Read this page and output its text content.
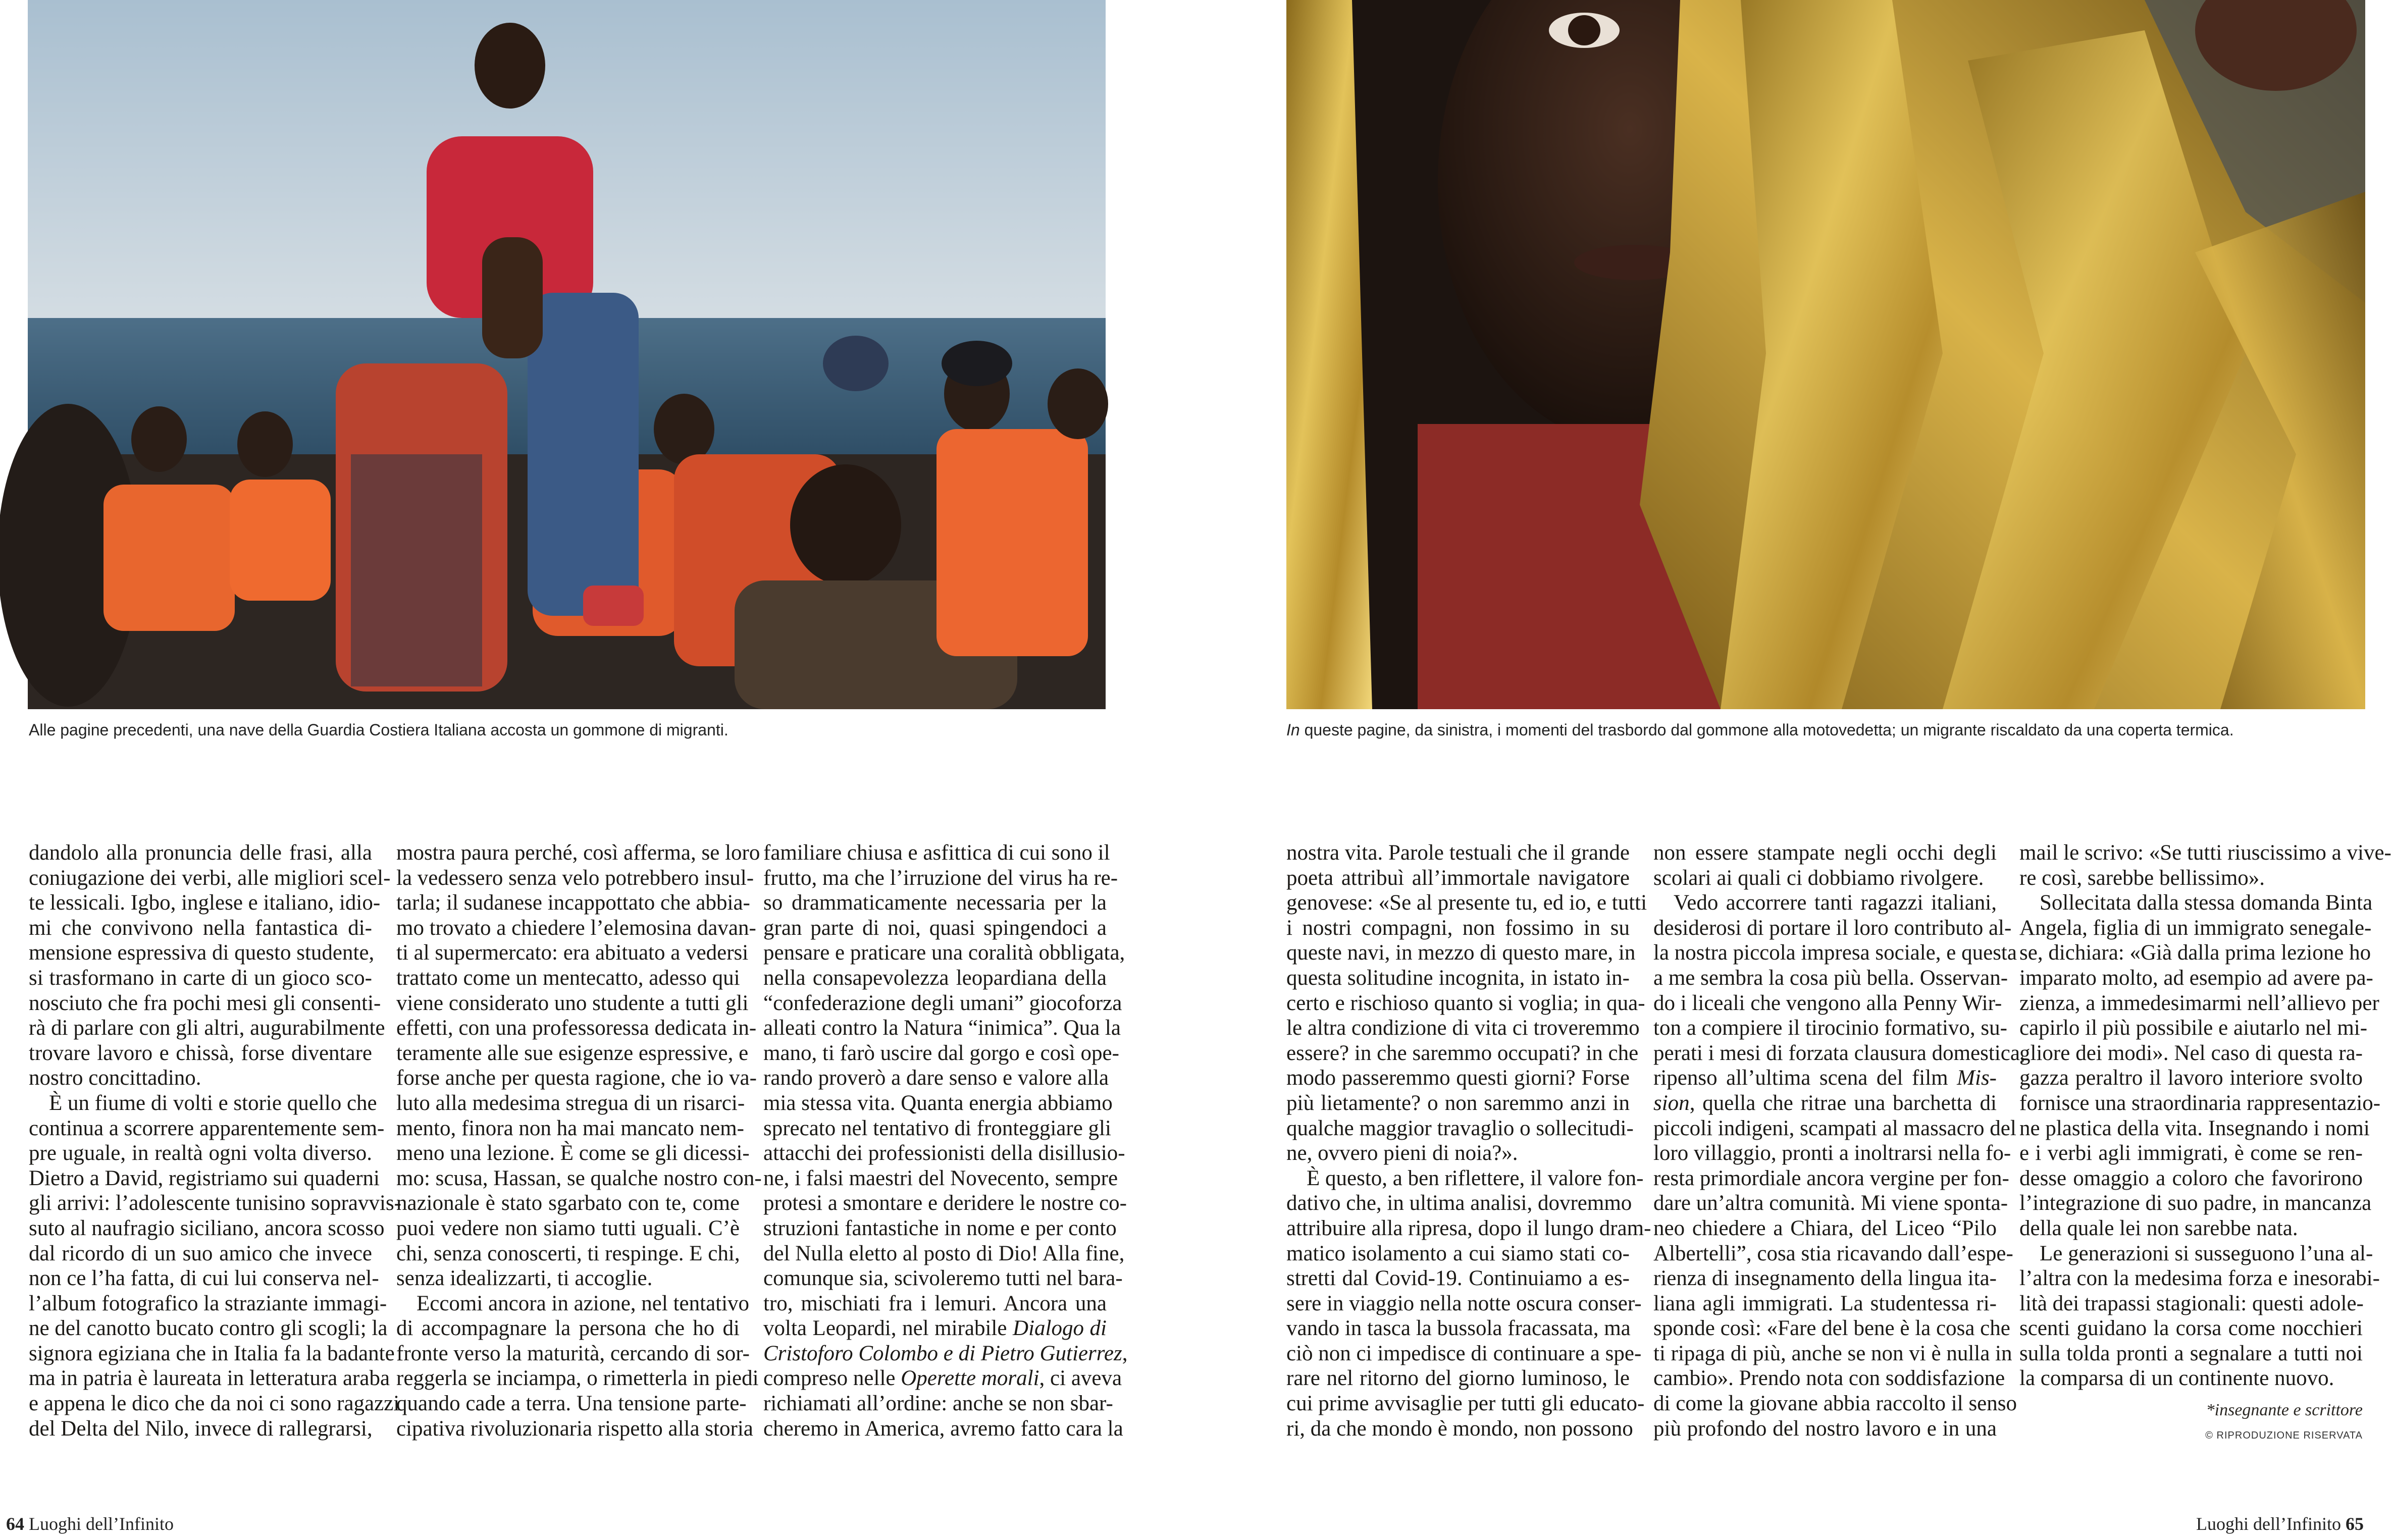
Alle pagine precedenti, una nave della Guardia Costiera Italiana accosta un gommone di migranti.	In queste pagine, da sinistra, i momenti del trasbordo dal gommone alla motovedetta; un migrante riscaldato da una coperta termica.
dandolo alla pronuncia delle frasi, alla
coniugazione dei verbi, alle migliori scel-
te lessicali. Igbo, inglese e italiano, idio-
mi che convivono nella fantastica di-
mensione espressiva di questo studente,
si trasformano in carte di un gioco sco-
nosciuto che fra pochi mesi gli consenti-
rà di parlare con gli altri, augurabilmente
trovare lavoro e chissà, forse diventare
nostro concittadino.
È un fiume di volti e storie quello che
continua a scorrere apparentemente sem-
pre uguale, in realtà ogni volta diverso.
Dietro a David, registriamo sui quaderni
gli arrivi: l’adolescente tunisino sopravvis-
suto al naufragio siciliano, ancora scosso
dal ricordo di un suo amico che invece
non ce l’ha fatta, di cui lui conserva nel-
l’album fotografico la straziante immagi-
ne del canotto bucato contro gli scogli; la
signora egiziana che in Italia fa la badante
ma in patria è laureata in letteratura araba
e appena le dico che da noi ci sono ragazzi
del Delta del Nilo, invece di rallegrarsi,
mostra paura perché, così afferma, se loro
la vedessero senza velo potrebbero insul-
tarla; il sudanese incappottato che abbia-
mo trovato a chiedere l’elemosina davan-
ti al supermercato: era abituato a vedersi
trattato come un mentecatto, adesso qui
viene considerato uno studente a tutti gli
effetti, con una professoressa dedicata in-
teramente alle sue esigenze espressive, e
forse anche per questa ragione, che io va-
luto alla medesima stregua di un risarci-
mento, finora non ha mai mancato nem-
meno una lezione. È come se gli dicessi-
mo: scusa, Hassan, se qualche nostro con-
nazionale è stato sgarbato con te, come
puoi vedere non siamo tutti uguali. C’è
chi, senza conoscerti, ti respinge. E chi,
senza idealizzarti, ti accoglie.
Eccomi ancora in azione, nel tentativo
di accompagnare la persona che ho di
fronte verso la maturità, cercando di sor-
reggerla se inciampa, o rimetterla in piedi
quando cade a terra. Una tensione parte-
cipativa rivoluzionaria rispetto alla storia
familiare chiusa e asfittica di cui sono il
frutto, ma che l’irruzione del virus ha re-
so drammaticamente necessaria per la
gran parte di noi, quasi spingendoci a
pensare e praticare una coralità obbligata,
nella consapevolezza leopardiana della
“confederazione degli umani” giocoforza
alleati contro la Natura “inimica”. Qua la
mano, ti farò uscire dal gorgo e così ope-
rando proverò a dare senso e valore alla
mia stessa vita. Quanta energia abbiamo
sprecato nel tentativo di fronteggiare gli
attacchi dei professionisti della disillusio-
ne, i falsi maestri del Novecento, sempre
protesi a smontare e deridere le nostre co-
struzioni fantastiche in nome e per conto
del Nulla eletto al posto di Dio! Alla fine,
comunque sia, scivoleremo tutti nel bara-
tro, mischiati fra i lemuri. Ancora una
volta Leopardi, nel mirabile Dialogo di
Cristoforo Colombo e di Pietro Gutierrez,
compreso nelle Operette morali, ci aveva
richiamati all’ordine: anche se non sbar-
cheremo in America, avremo fatto cara la
nostra vita. Parole testuali che il grande
poeta attribuì all’immortale navigatore
genovese: «Se al presente tu, ed io, e tutti
i nostri compagni, non fossimo in su
queste navi, in mezzo di questo mare, in
questa solitudine incognita, in istato in-
certo e rischioso quanto si voglia; in qua-
le altra condizione di vita ci troveremmo
essere? in che saremmo occupati? in che
modo passeremmo questi giorni? Forse
più lietamente? o non saremmo anzi in
qualche maggior travaglio o sollecitudi-
ne, ovvero pieni di noia?».
È questo, a ben riflettere, il valore fon-
dativo che, in ultima analisi, dovremmo
attribuire alla ripresa, dopo il lungo dram-
matico isolamento a cui siamo stati co-
stretti dal Covid-19. Continuiamo a es-
sere in viaggio nella notte oscura conser-
vando in tasca la bussola fracassata, ma
ciò non ci impedisce di continuare a spe-
rare nel ritorno del giorno luminoso, le
cui prime avvisaglie per tutti gli educato-
ri, da che mondo è mondo, non possono
non essere stampate negli occhi degli
scolari ai quali ci dobbiamo rivolgere.
Vedo accorrere tanti ragazzi italiani,
desiderosi di portare il loro contributo al-
la nostra piccola impresa sociale, e questa
a me sembra la cosa più bella. Osservan-
do i liceali che vengono alla Penny Wir-
ton a compiere il tirocinio formativo, su-
perati i mesi di forzata clausura domestica,
ripenso all’ultima scena del film Mis-
sion, quella che ritrae una barchetta di
piccoli indigeni, scampati al massacro del
loro villaggio, pronti a inoltrarsi nella fo-
resta primordiale ancora vergine per fon-
dare un’altra comunità. Mi viene sponta-
neo chiedere a Chiara, del Liceo “Pilo
Albertelli”, cosa stia ricavando dall’espe-
rienza di insegnamento della lingua ita-
liana agli immigrati. La studentessa ri-
sponde così: «Fare del bene è la cosa che
ti ripaga di più, anche se non vi è nulla in
cambio». Prendo nota con soddisfazione
di come la giovane abbia raccolto il senso
più profondo del nostro lavoro e in una
mail le scrivo: «Se tutti riuscissimo a vive-
re così, sarebbe bellissimo».
Sollecitata dalla stessa domanda Binta
Angela, figlia di un immigrato senegale-
se, dichiara: «Già dalla prima lezione ho
imparato molto, ad esempio ad avere pa-
zienza, a immedesimarmi nell’allievo per
capirlo il più possibile e aiutarlo nel mi-
gliore dei modi». Nel caso di questa ra-
gazza peraltro il lavoro interiore svolto
fornisce una straordinaria rappresentazio-
ne plastica della vita. Insegnando i nomi
e i verbi agli immigrati, è come se ren-
desse omaggio a coloro che favorirono
l’integrazione di suo padre, in mancanza
della quale lei non sarebbe nata.
Le generazioni si susseguono l’una al-
l’altra con la medesima forza e inesorabi-
lità dei trapassi stagionali: questi adole-
scenti guidano la corsa come nocchieri
sulla tolda pronti a segnalare a tutti noi
la comparsa di un continente nuovo.
*insegnante e scrittore
© RIPRODUZIONE RISERVATA
64 Luoghi dell’Infinito	Luoghi dell’Infinito 65
